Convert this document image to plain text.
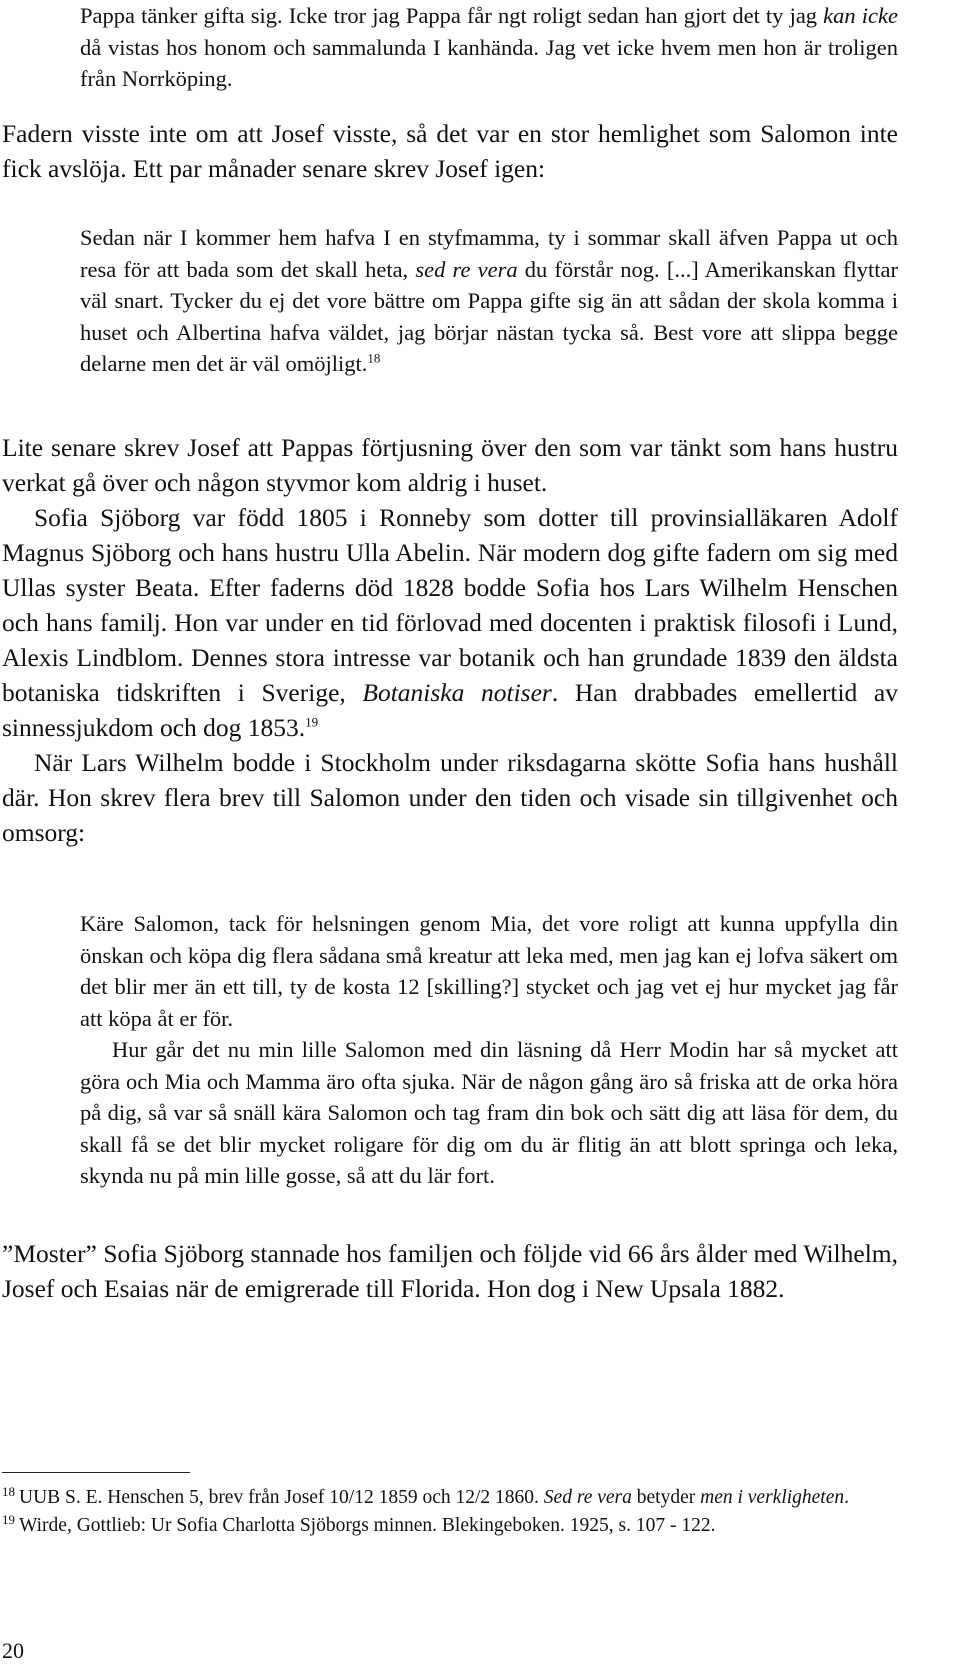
Pappa tänker gifta sig. Icke tror jag Pappa får ngt roligt sedan han gjort det ty jag kan icke då vistas hos honom och sammalunda I kanhända. Jag vet icke hvem men hon är troligen från Norrköping.

Fadern visste inte om att Josef visste, så det var en stor hemlighet som Salomon inte fick avslöja. Ett par månader senare skrev Josef igen:

Sedan när I kommer hem hafva I en styfmamma, ty i sommar skall äfven Pappa ut och resa för att bada som det skall heta, sed re vera du förstår nog. [...] Amerikanskan flyttar väl snart. Tycker du ej det vore bättre om Pappa gifte sig än att sådan der skola komma i huset och Albertina hafva väldet, jag börjar nästan tycka så. Best vore att slippa begge delarne men det är väl omöjligt.$^{18}$

Lite senare skrev Josef att Pappas förtjusning över den som var tänkt som hans hustru verkat gå över och någon styvmor kom aldrig i huset.

Sofia Sjöborg var född 1805 i Ronneby som dotter till provinsialläkaren Adolf Magnus Sjöborg och hans hustru Ulla Abelin. När modern dog gifte fadern om sig med Ullas syster Beata. Efter faderns död 1828 bodde Sofia hos Lars Wilhelm Henschen och hans familj. Hon var under en tid förlovad med docenten i praktisk filosofi i Lund, Alexis Lindblom. Dennes stora intresse var botanik och han grundade 1839 den äldsta botaniska tidskriften i Sverige, Botaniska notiser. Han drabbades emellertid av sinnessjukdom och dog 1853.19

När Lars Wilhelm bodde i Stockholm under riksdagarna skötte Sofia hans hushåll där. Hon skrev flera brev till Salomon under den tiden och visade sin tillgivenhet och omsorg:

Käre Salomon, tack för helsningen genom Mia, det vore roligt att kunna uppfylla din önskan och köpa dig flera sådana små kreatur att leka med, men jag kan ej lofva säkert om det blir mer än ett till, ty de kosta 12 [skilling?] stycket och jag vet ej hur mycket jag får att köpa åt er för.

Hur går det nu min lille Salomon med din läsning då Herr Modin har så mycket att göra och Mia och Mamma äro ofta sjuka. När de någon gång äro så friska att de orka höra på dig, så var så snäll kära Salomon och tag fram din bok och sätt dig att läsa för dem, du skall få se det blir mycket roligare för dig om du är flitig än att blott springa och leka, skynda nu på min lille gosse, så att du lär fort.

”Moster” Sofia Sjöborg stannade hos familjen och följde vid 66 års ålder med Wilhelm, Josef och Esaias när de emigrerade till Florida. Hon dog i New Upsala 1882.

$^{18}$ UUB S. E. Henschen 5, brev från Josef 10/12 1859 och 12/2 1860. Sed re vera betyder men i verkligheten.

$^{19}$ Wirde, Gottlieb: Ur Sofia Charlotta Sjöborgs minnen. Blekingeboken. 1925, s. 107 - 122.

20
